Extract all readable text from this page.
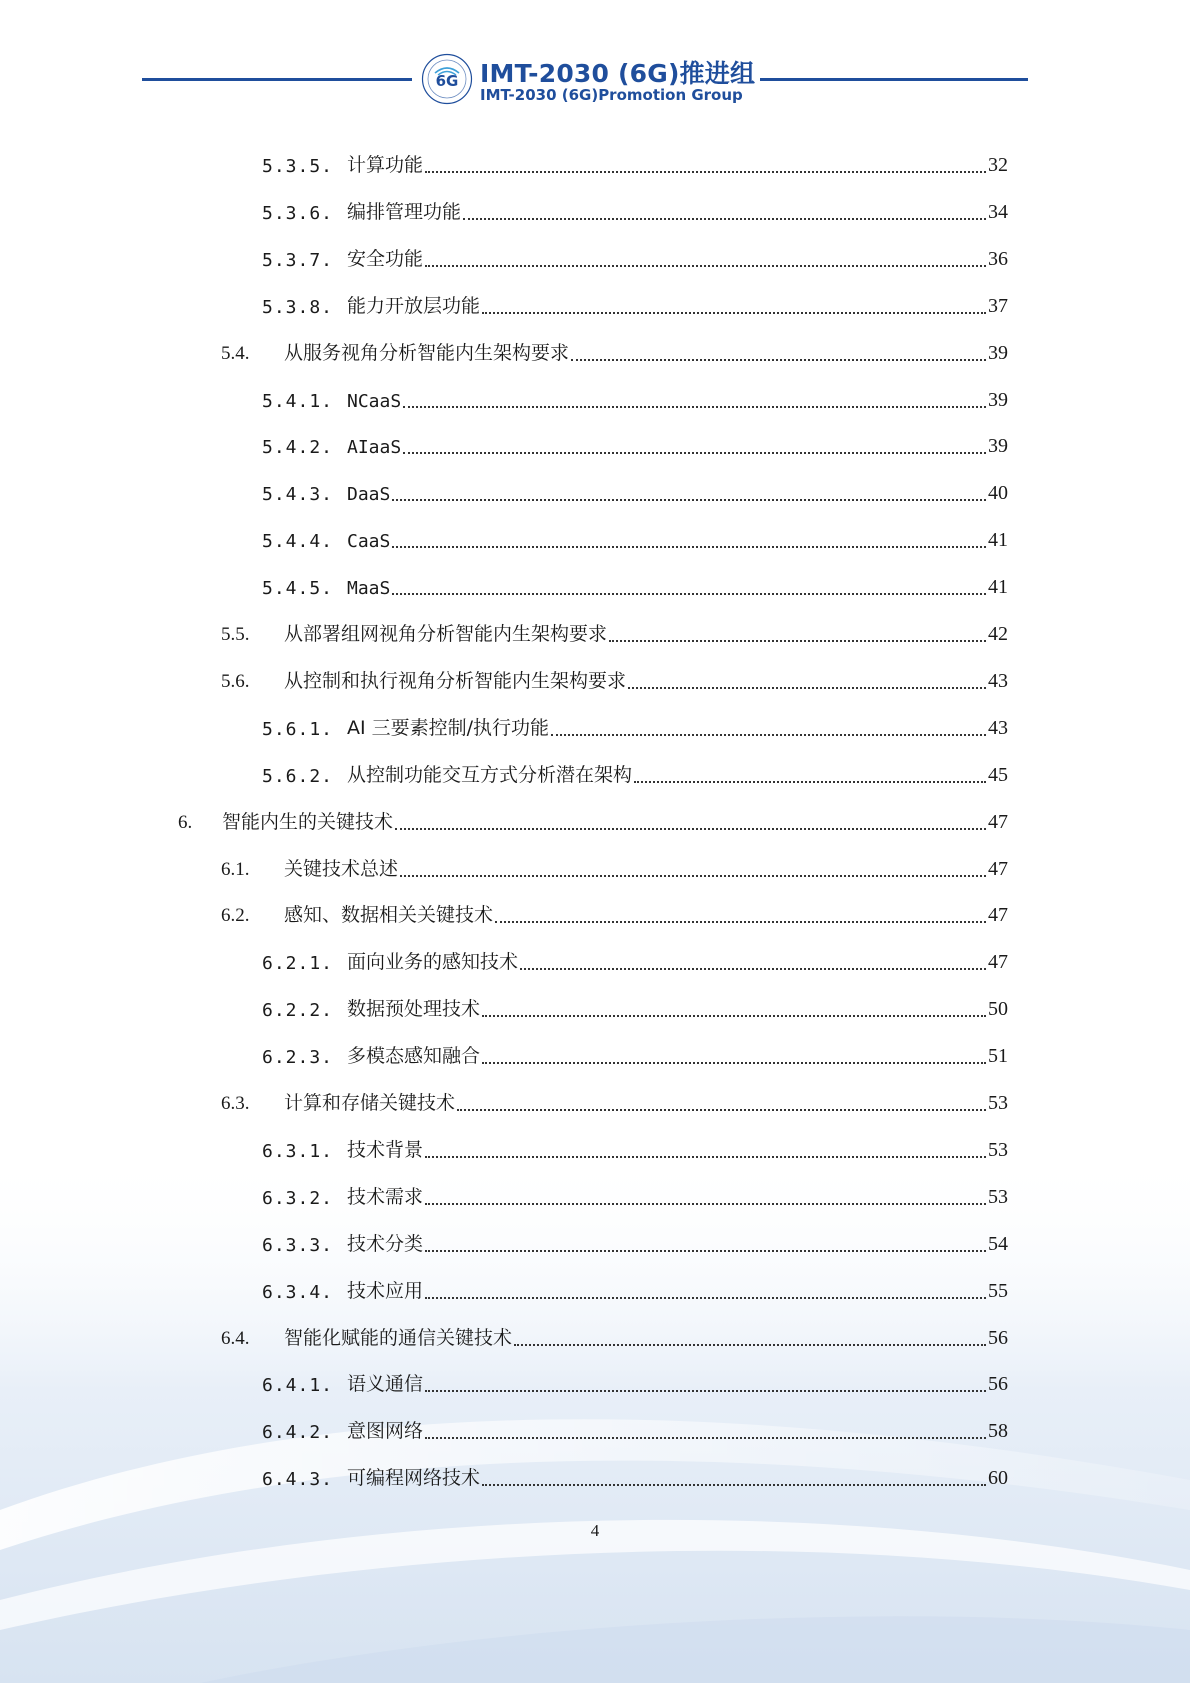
6G IMT-2030 (6G)推进组
IMT-2030 (6G)Promotion Group
5.3.5. 计算功能	32
5.3.6. 编排管理功能	34
5.3.7. 安全功能	36
5.3.8. 能力开放层功能	37
5.4. 从服务视角分析智能内生架构要求	39
5.4.1. NCaaS	39
5.4.2. AIaaS	39
5.4.3. DaaS	40
5.4.4. CaaS	41
5.4.5. MaaS	41
5.5. 从部署组网视角分析智能内生架构要求	42
5.6. 从控制和执行视角分析智能内生架构要求	43
5.6.1. AI 三要素控制/执行功能	43
5.6.2. 从控制功能交互方式分析潜在架构	45
6. 智能内生的关键技术	47
6.1. 关键技术总述	47
6.2. 感知、数据相关关键技术	47
6.2.1. 面向业务的感知技术	47
6.2.2. 数据预处理技术	50
6.2.3. 多模态感知融合	51
6.3. 计算和存储关键技术	53
6.3.1. 技术背景	53
6.3.2. 技术需求	53
6.3.3. 技术分类	54
6.3.4. 技术应用	55
6.4. 智能化赋能的通信关键技术	56
6.4.1. 语义通信	56
6.4.2. 意图网络	58
6.4.3. 可编程网络技术	60
4
